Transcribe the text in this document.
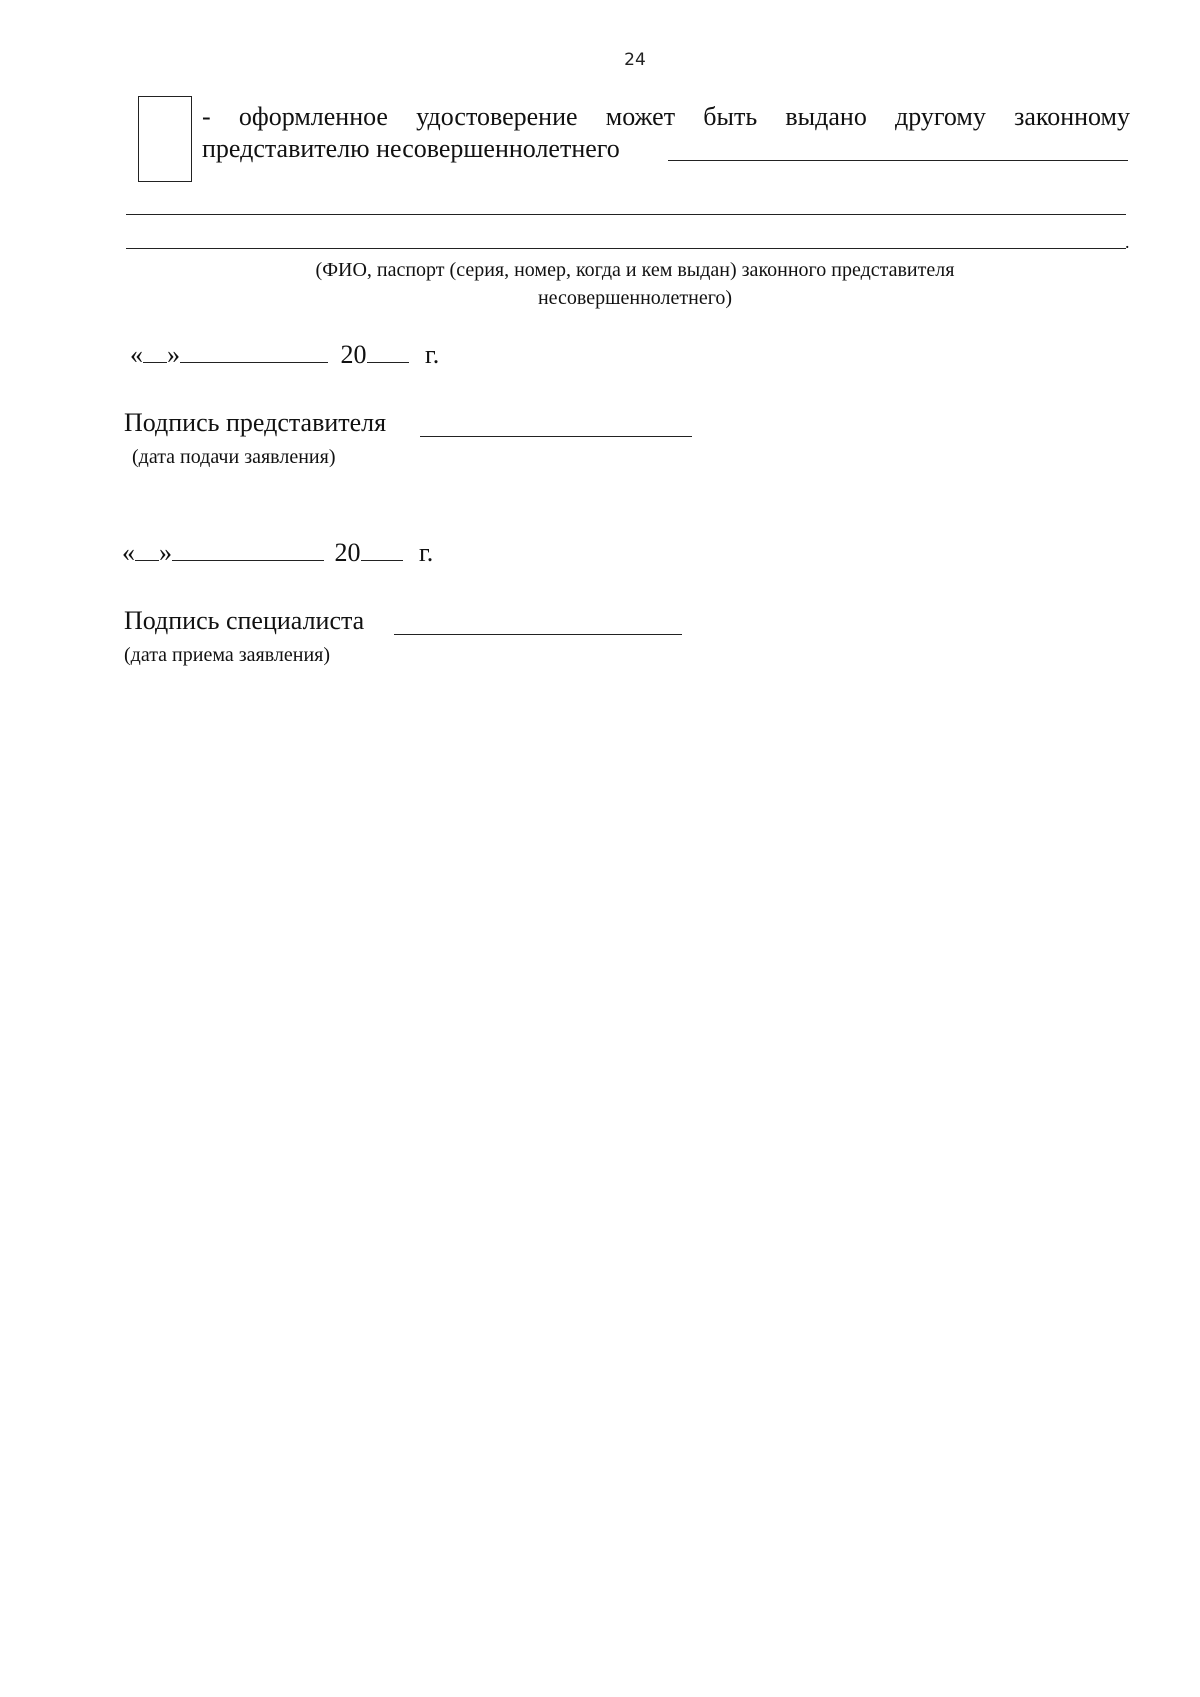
24
- оформленное удостоверение может быть выдано другому законному
представителю несовершеннолетнего
.
(ФИО, паспорт (серия, номер, когда и кем выдан) законного представителя
несовершеннолетнего)
« »	20 г.
Подпись представителя
(дата подачи заявления)
« »	20 г.
Подпись специалиста
(дата приема заявления)
